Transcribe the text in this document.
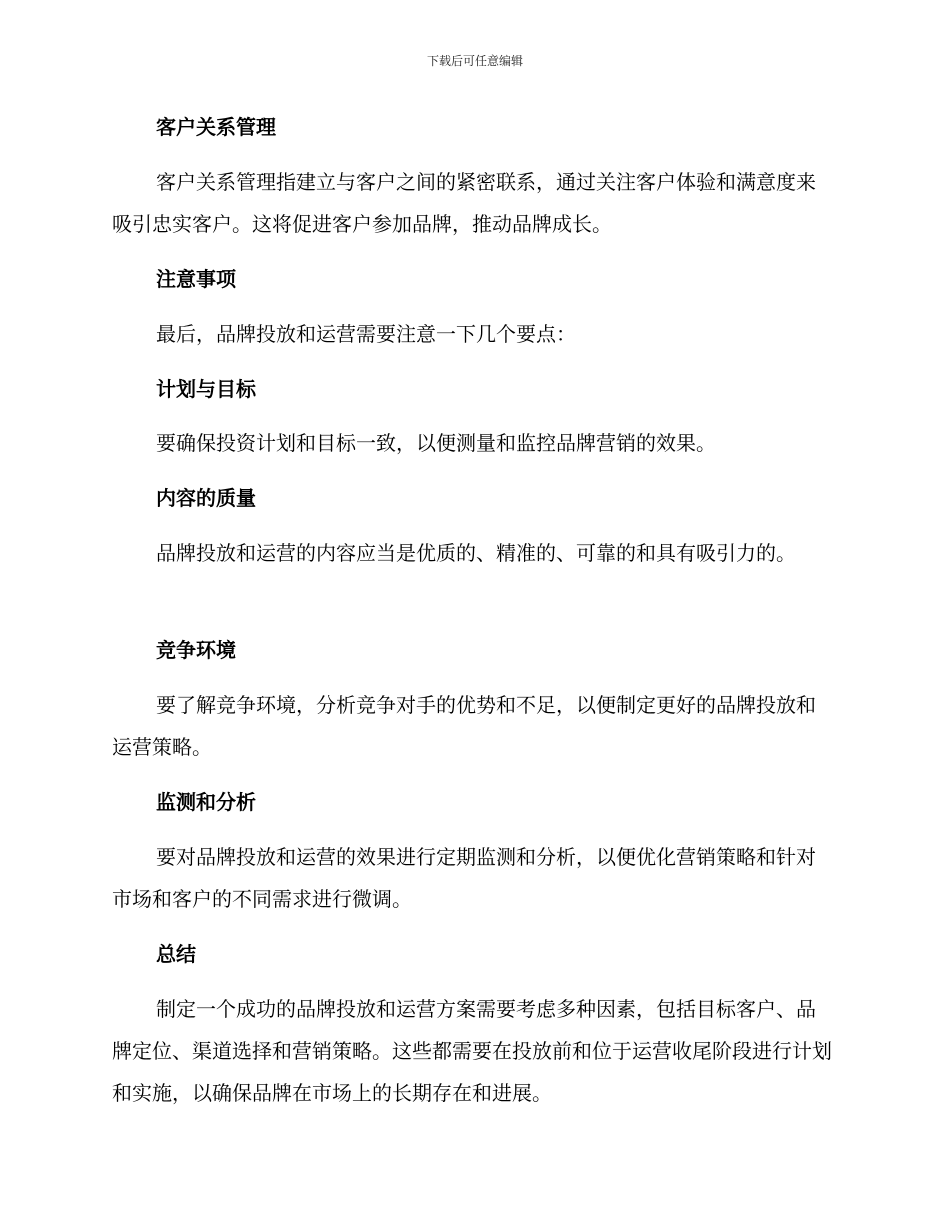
下载后可任意编辑
客户关系管理

客户关系管理指建立与客户之间的紧密联系，通过关注客户体验和满意度来吸引忠实客户。这将促进客户参加品牌，推动品牌成长。

注意事项

最后，品牌投放和运营需要注意一下几个要点：

计划与目标

要确保投资计划和目标一致，以便测量和监控品牌营销的效果。

内容的质量

品牌投放和运营的内容应当是优质的、精准的、可靠的和具有吸引力的。

竞争环境

要了解竞争环境，分析竞争对手的优势和不足，以便制定更好的品牌投放和运营策略。

监测和分析

要对品牌投放和运营的效果进行定期监测和分析，以便优化营销策略和针对市场和客户的不同需求进行微调。

总结

制定一个成功的品牌投放和运营方案需要考虑多种因素，包括目标客户、品牌定位、渠道选择和营销策略。这些都需要在投放前和位于运营收尾阶段进行计划和实施，以确保品牌在市场上的长期存在和进展。
